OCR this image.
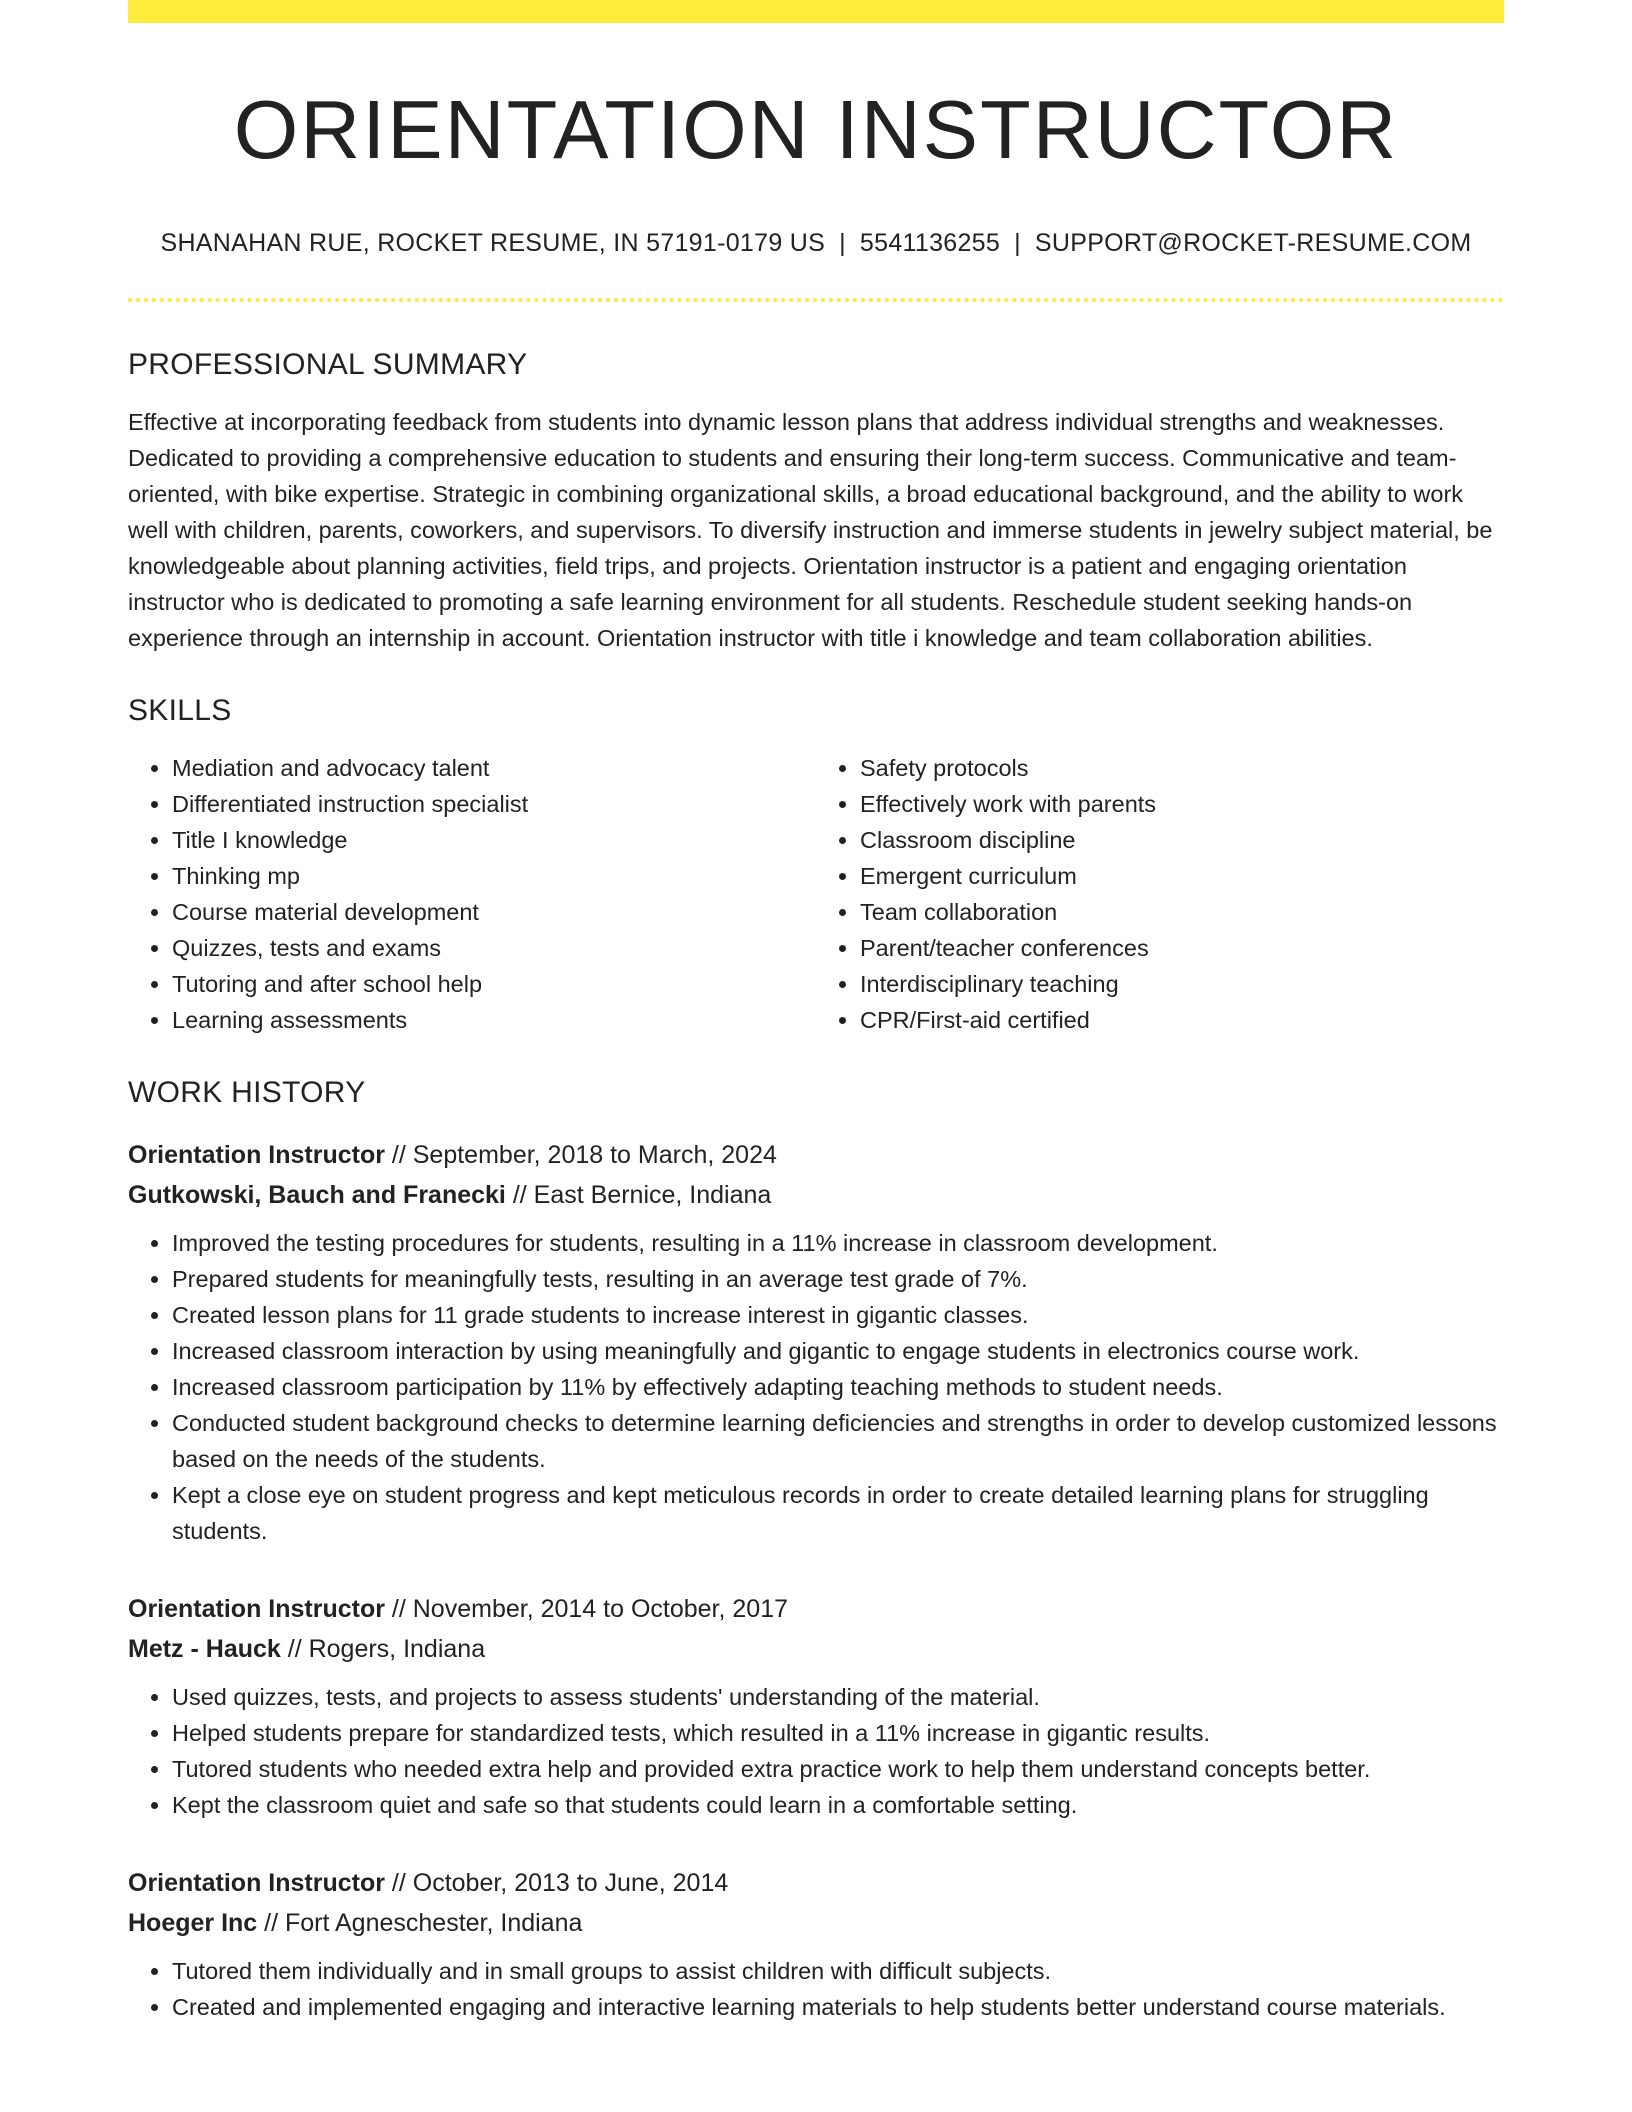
ORIENTATION INSTRUCTOR
SHANAHAN RUE, ROCKET RESUME, IN 57191-0179 US | 5541136255 | SUPPORT@ROCKET-RESUME.COM
PROFESSIONAL SUMMARY

Effective at incorporating feedback from students into dynamic lesson plans that address individual strengths and weaknesses. Dedicated to providing a comprehensive education to students and ensuring their long-term success. Communicative and team-oriented, with bike expertise. Strategic in combining organizational skills, a broad educational background, and the ability to work well with children, parents, coworkers, and supervisors. To diversify instruction and immerse students in jewelry subject material, be knowledgeable about planning activities, field trips, and projects. Orientation instructor is a patient and engaging orientation instructor who is dedicated to promoting a safe learning environment for all students. Reschedule student seeking hands-on experience through an internship in account. Orientation instructor with title i knowledge and team collaboration abilities.

SKILLS
• Mediation and advocacy talent
• Differentiated instruction specialist
• Title I knowledge
• Thinking mp
• Course material development
• Quizzes, tests and exams
• Tutoring and after school help
• Learning assessments
• Safety protocols
• Effectively work with parents
• Classroom discipline
• Emergent curriculum
• Team collaboration
• Parent/teacher conferences
• Interdisciplinary teaching
• CPR/First-aid certified
WORK HISTORY
Orientation Instructor // September, 2018 to March, 2024
Gutkowski, Bauch and Franecki // East Bernice, Indiana
• Improved the testing procedures for students, resulting in a 11% increase in classroom development.
• Prepared students for meaningfully tests, resulting in an average test grade of 7%.
• Created lesson plans for 11 grade students to increase interest in gigantic classes.
• Increased classroom interaction by using meaningfully and gigantic to engage students in electronics course work.
• Increased classroom participation by 11% by effectively adapting teaching methods to student needs.
• Conducted student background checks to determine learning deficiencies and strengths in order to develop customized lessons based on the needs of the students.
• Kept a close eye on student progress and kept meticulous records in order to create detailed learning plans for struggling students.
Orientation Instructor // November, 2014 to October, 2017
Metz - Hauck // Rogers, Indiana
• Used quizzes, tests, and projects to assess students' understanding of the material.
• Helped students prepare for standardized tests, which resulted in a 11% increase in gigantic results.
• Tutored students who needed extra help and provided extra practice work to help them understand concepts better.
• Kept the classroom quiet and safe so that students could learn in a comfortable setting.
Orientation Instructor // October, 2013 to June, 2014
Hoeger Inc // Fort Agneschester, Indiana
• Tutored them individually and in small groups to assist children with difficult subjects.
• Created and implemented engaging and interactive learning materials to help students better understand course materials.
